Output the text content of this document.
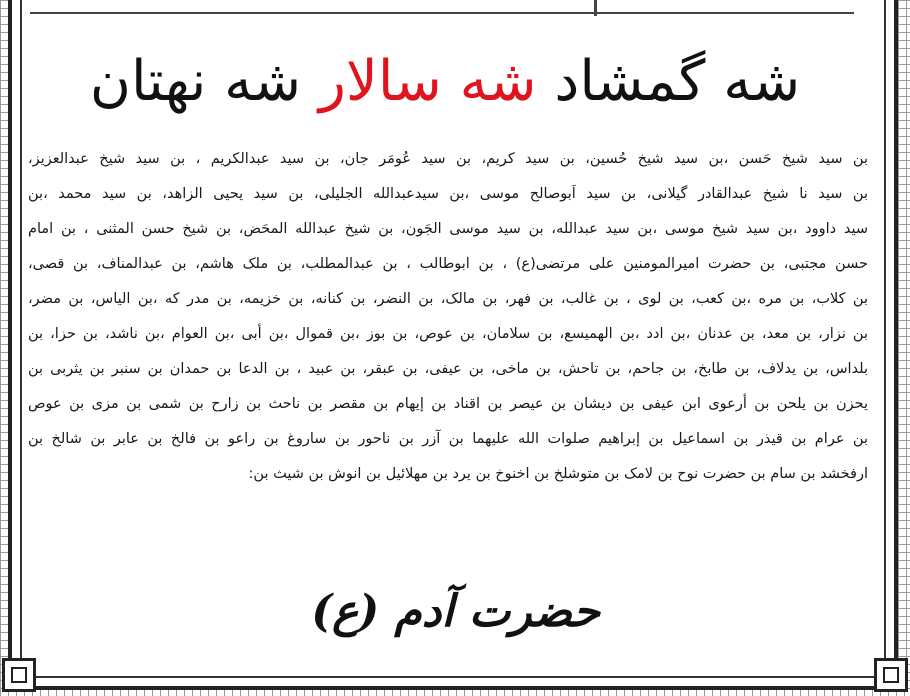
شه گمشاد شه سالار شه نهتان
بن سید شیخ حَسن ،بن سید شیخ حُسین، بن سید کریم، بن سید عُومَر جان، بن سید عبدالکریم ، بن سید شیخ عبدالعزیز،
بن سید نا شیخ عبدالقادر گیلانی، بن سید اَبوصالح موسی ،بن سیدعبدالله الجلیلی، بن سید یحیی الزاهد، بن سید محمد ،بن
سید داوود ،بن سید شیخ موسی ،بن سید عبدالله، بن سید موسی الجَون، بن شیخ عبدالله المحَض، بن شیخ حسن المثنی ، بن امام
حسن مجتبی، بن حضرت امیرالمومنین علی مرتضی(ع) ، بن ابوطالب ، بن عبدالمطلب، بن ملک هاشم، بن عبدالمناف، بن قصی،
بن کلاب، بن مره ،بن کعب، بن لوی ، بن غالب، بن فهر، بن مالک، بن النضر، بن کنانه، بن خزیمه، بن مدر که ،بن الیاس، بن مضر،
بن نزار، بن معد، بن عدنان ،بن ادد ،بن الهمیسع، بن سلامان، بن عوص، بن بوز ،بن قموال ،بن أبی ،بن العوام ،بن ناشد، بن حزا، بن
بلداس، بن یدلاف، بن طابخ، بن جاحم، بن تاحش، بن ماخی، بن عیفی، بن عبقر، بن عبید ، بن الدعا بن حمدان بن سنبر بن یثربی بن
یحزن بن یلحن بن أرعوی ابن عیفی بن دیشان بن عیصر بن اقناد بن إیهام بن مقصر بن ناحث بن زارح بن شمی بن مزی بن عوص
بن عرام بن قیذر بن اسماعیل بن إبراهیم صلوات الله علیهما بن آزر بن ناحور بن ساروغ بن راعو بن فالخ بن عابر بن شالخ بن
ارفخشد بن سام بن حضرت نوح بن لامک بن متوشلخ بن اخنوخ بن یرد بن مهلائیل بن انوش بن شیث بن:
حضرت آدم (ع)
